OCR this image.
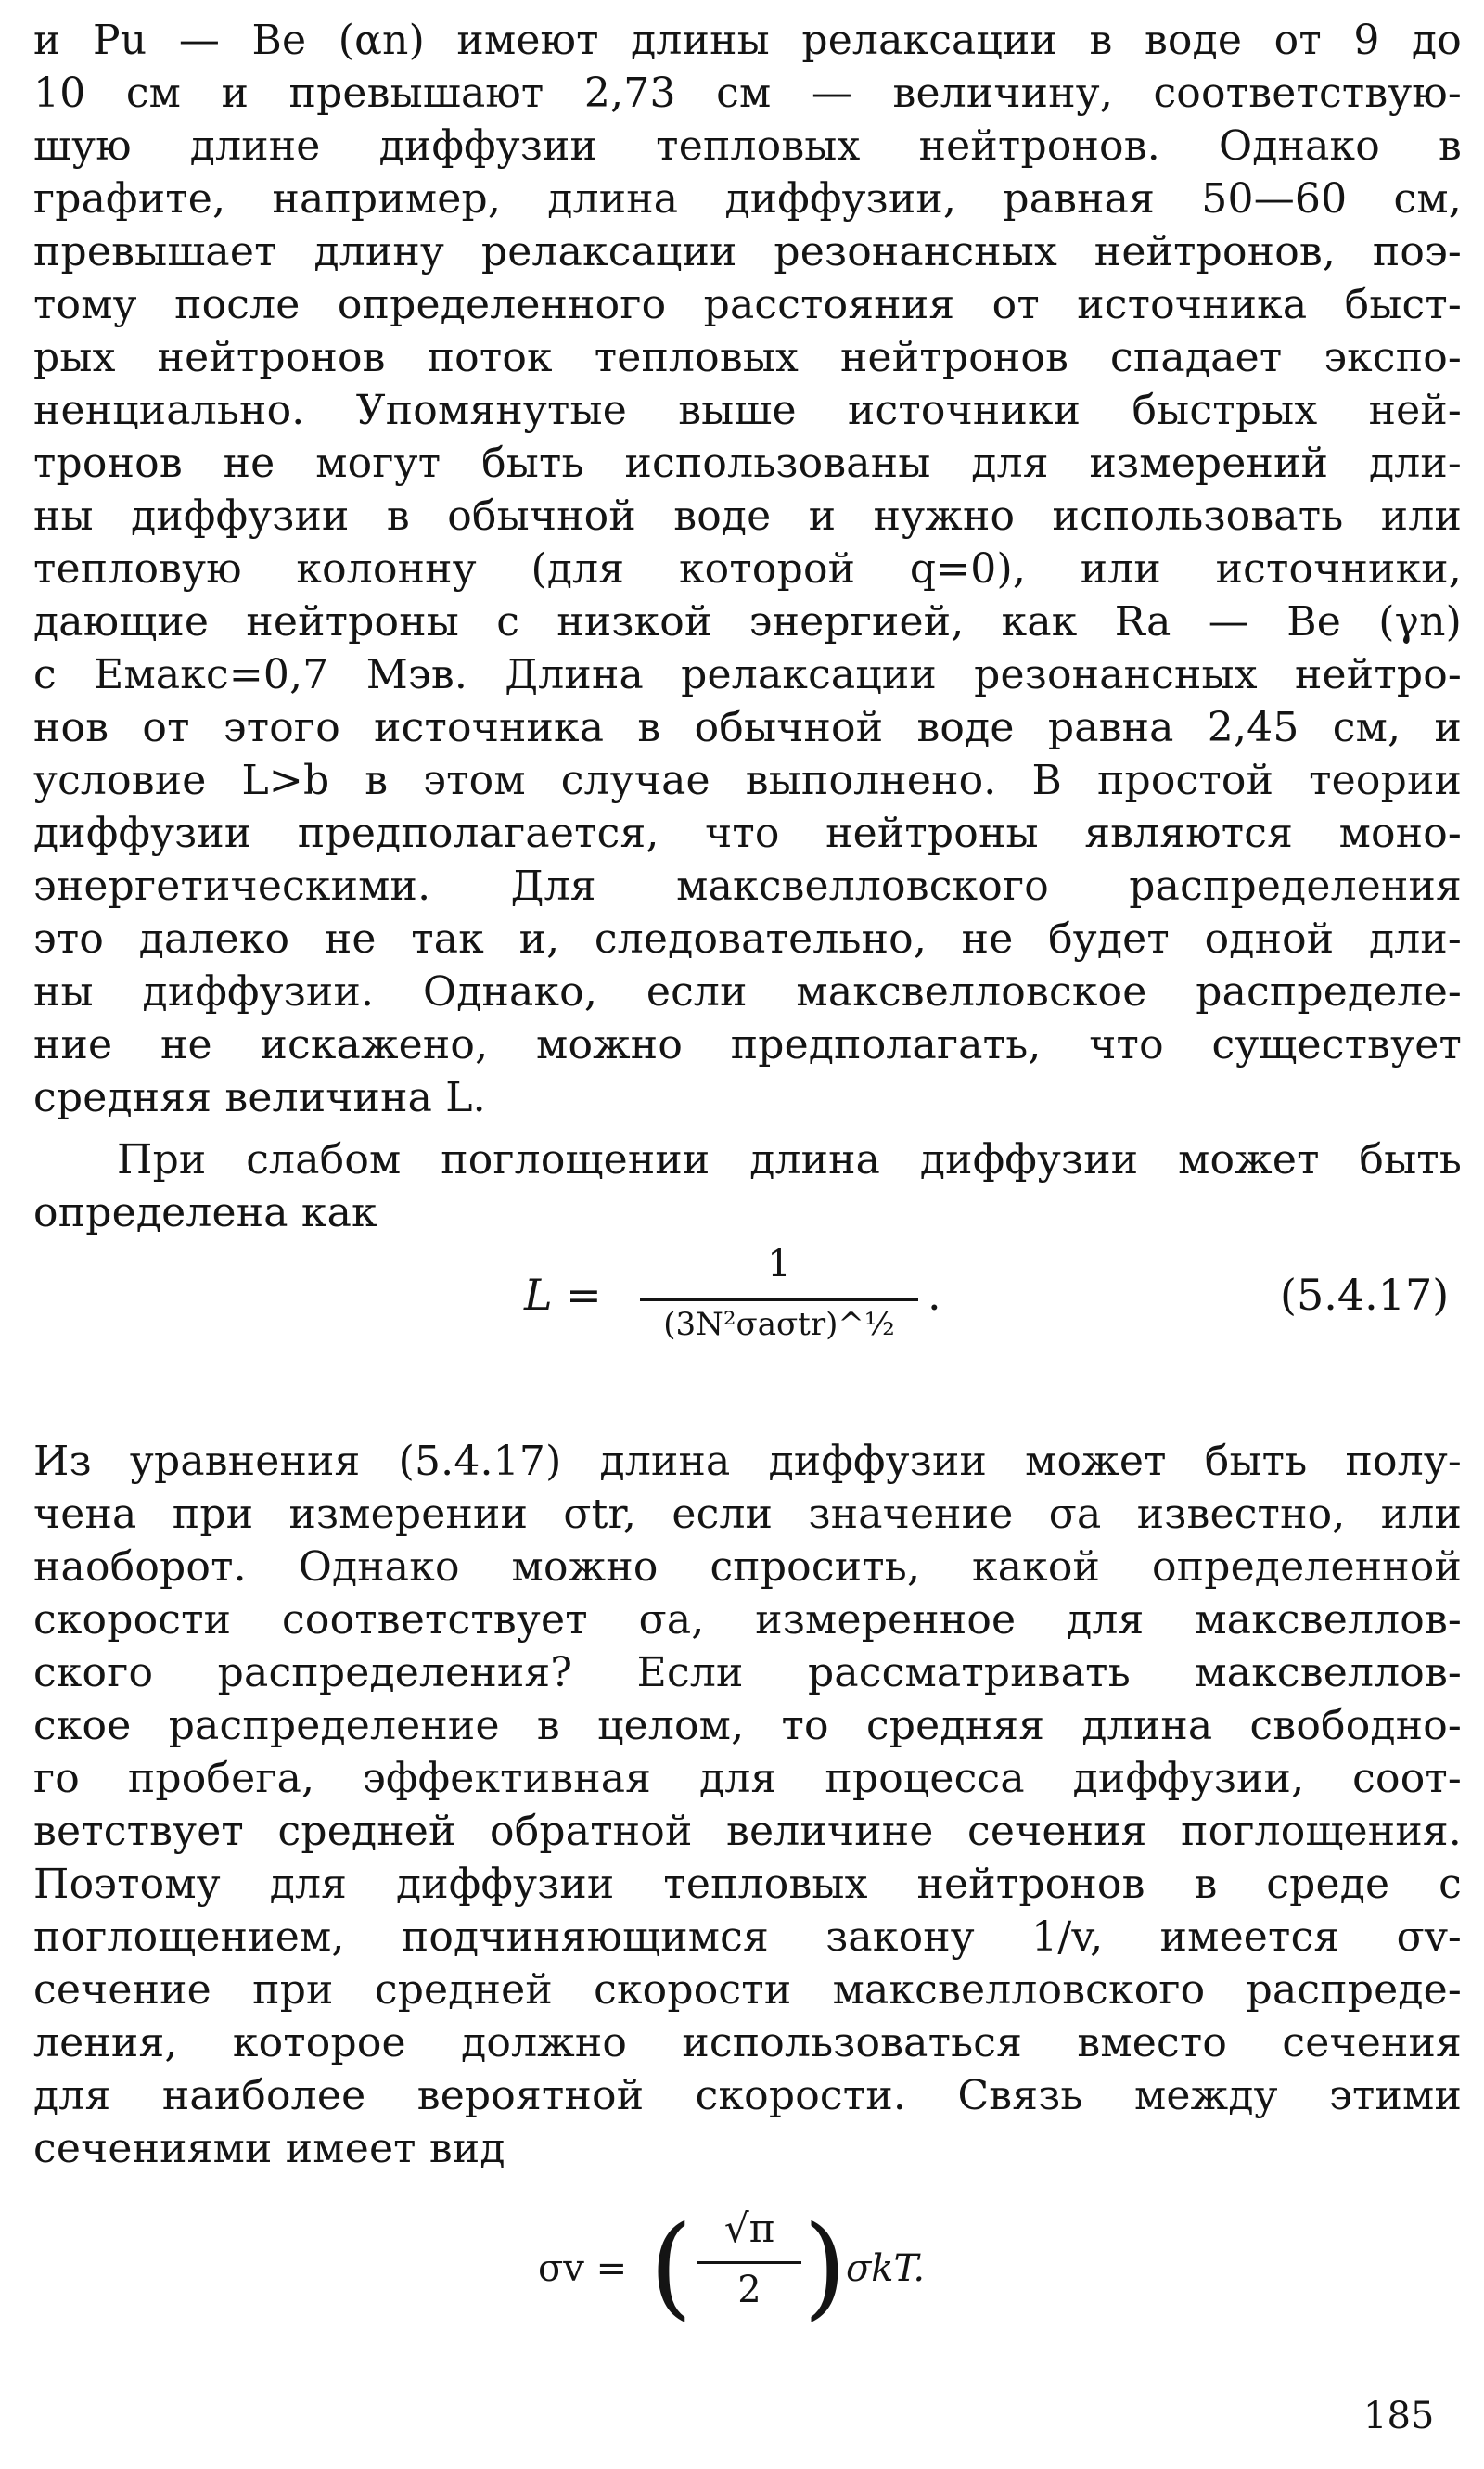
и Pu — Be (αn) имеют длины релаксации в воде от 9 до
10 см и превышают 2,73 см — величину, соответствую-
шую длине диффузии тепловых нейтронов. Однако в
графите, например, длина диффузии, равная 50—60 см,
превышает длину релаксации резонансных нейтронов, поэ-
тому после определенного расстояния от источника быст-
рых нейтронов поток тепловых нейтронов спадает экспо-
ненциально. Упомянутые выше источники быстрых ней-
тронов не могут быть использованы для измерений дли-
ны диффузии в обычной воде и нужно использовать или
тепловую колонну (для которой q=0), или источники,
дающие нейтроны с низкой энергией, как Ra — Be (γn)
с Eмакс=0,7 Мэв. Длина релаксации резонансных нейтро-
нов от этого источника в обычной воде равна 2,45 см, и
условие L>b в этом случае выполнено. В простой теории
диффузии предполагается, что нейтроны являются моно-
энергетическими. Для максвелловского распределения
это далеко не так и, следовательно, не будет одной дли-
ны диффузии. Однако, если максвелловское распределе-
ние не искажено, можно предполагать, что существует
средняя величина L.
При слабом поглощении длина диффузии может быть
определена как
L =
1
(3N²σaσtr)^½
.	(5.4.17)
Из уравнения (5.4.17) длина диффузии может быть полу-
чена при измерении σtr, если значение σa известно, или
наоборот. Однако можно спросить, какой определенной
скорости соответствует σa, измеренное для максвеллов-
ского распределения? Если рассматривать максвеллов-
ское распределение в целом, то средняя длина свободно-
го пробега, эффективная для процесса диффузии, соот-
ветствует средней обратной величине сечения поглощения.
Поэтому для диффузии тепловых нейтронов в среде с
поглощением, подчиняющимся закону 1/v, имеется σv-
сечение при средней скорости максвелловского распреде-
ления, которое должно использоваться вместо сечения
для наиболее вероятной скорости. Связь между этими
сечениями имеет вид
σv = ( √π
2 ) σkT.
185
